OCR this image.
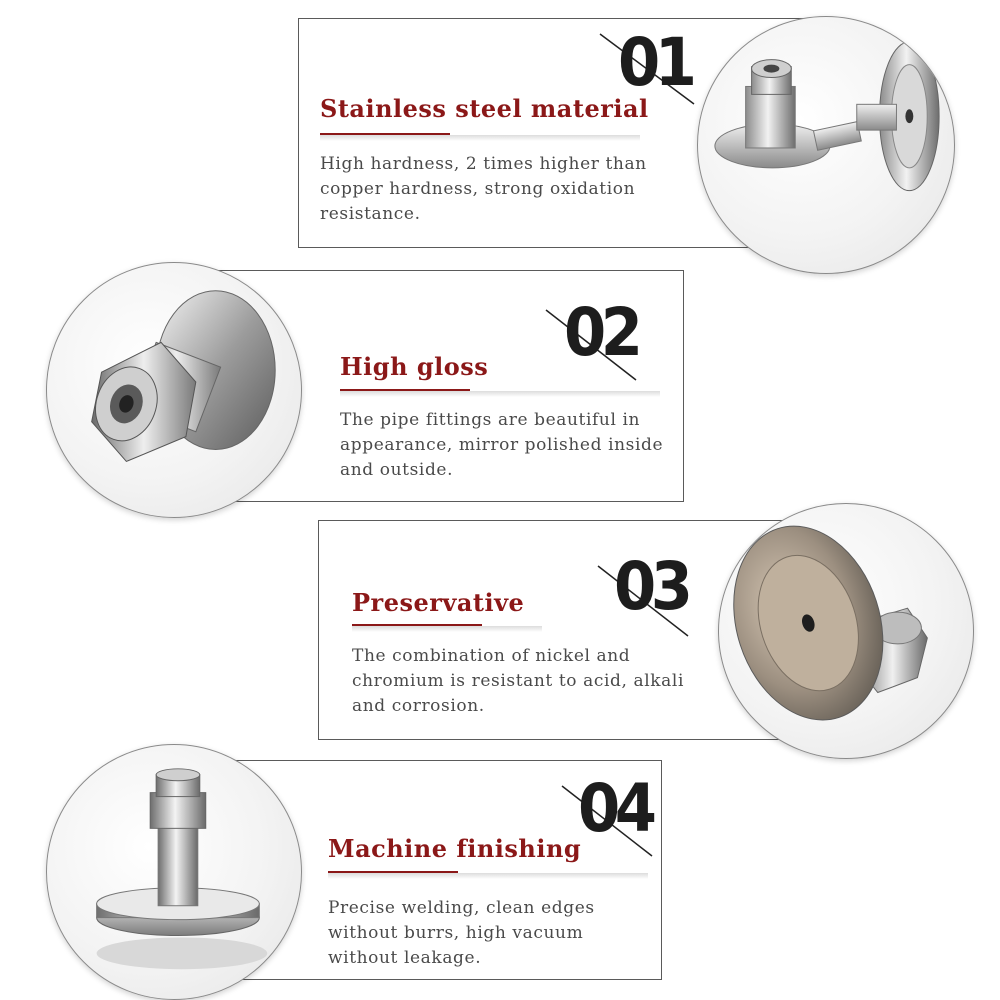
01
Stainless steel material
High hardness, 2 times higher than copper hardness, strong oxidation resistance.
02
High gloss
The pipe fittings are beautiful in appearance, mirror polished inside and outside.
03
Preservative
The combination of nickel and chromium is resistant to acid, alkali and corrosion.
04
Machine finishing
Precise welding, clean edges without burrs, high vacuum without leakage.
